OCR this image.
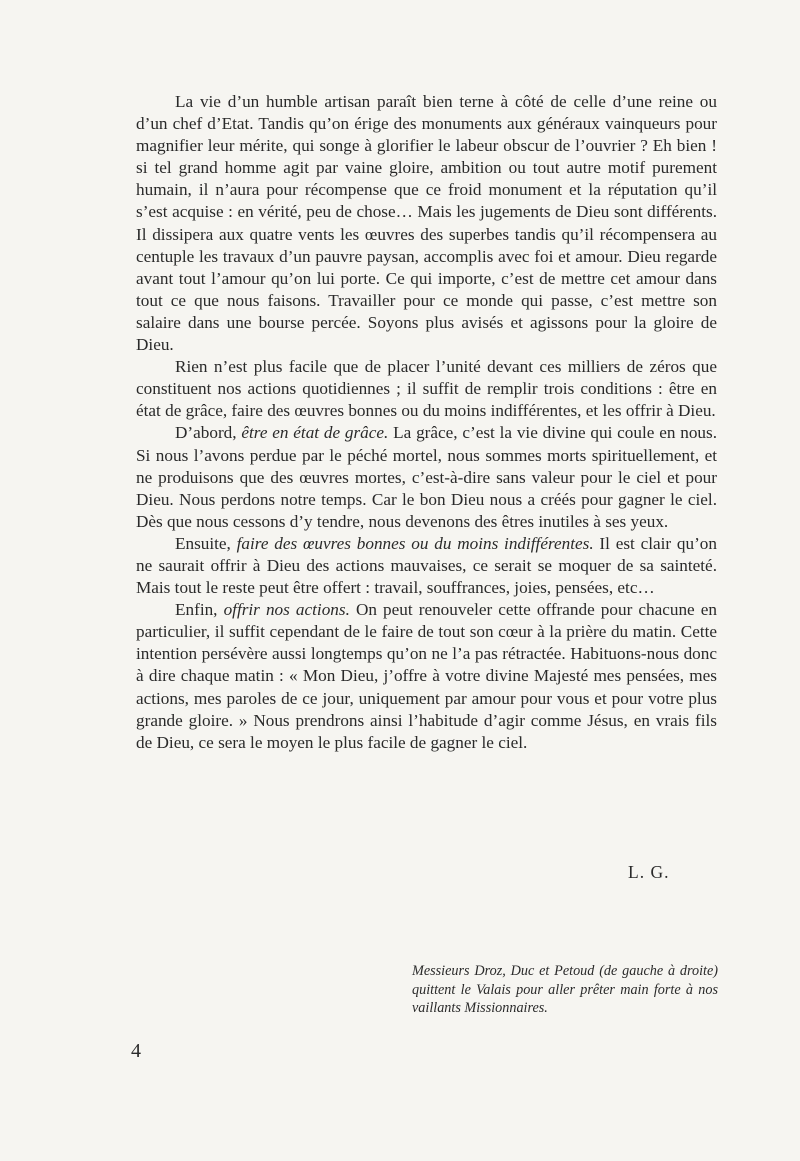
La vie d’un humble artisan paraît bien terne à côté de celle d’une reine ou d’un chef d’Etat. Tandis qu’on érige des monuments aux généraux vainqueurs pour magnifier leur mérite, qui songe à glorifier le labeur obscur de l’ouvrier ? Eh bien ! si tel grand homme agit par vaine gloire, ambition ou tout autre motif purement humain, il n’aura pour récompense que ce froid monument et la réputation qu’il s’est acquise : en vérité, peu de chose… Mais les jugements de Dieu sont différents. Il dissipera aux quatre vents les œuvres des superbes tandis qu’il récompensera au centuple les travaux d’un pauvre paysan, accomplis avec foi et amour. Dieu regarde avant tout l’amour qu’on lui porte. Ce qui importe, c’est de mettre cet amour dans tout ce que nous faisons. Travailler pour ce monde qui passe, c’est mettre son salaire dans une bourse percée. Soyons plus avisés et agissons pour la gloire de Dieu.

Rien n’est plus facile que de placer l’unité devant ces milliers de zéros que constituent nos actions quotidiennes ; il suffit de remplir trois conditions : être en état de grâce, faire des œuvres bonnes ou du moins indifférentes, et les offrir à Dieu.

D’abord, être en état de grâce. La grâce, c’est la vie divine qui coule en nous. Si nous l’avons perdue par le péché mortel, nous sommes morts spirituellement, et ne produisons que des œuvres mortes, c’est-à-dire sans valeur pour le ciel et pour Dieu. Nous perdons notre temps. Car le bon Dieu nous a créés pour gagner le ciel. Dès que nous cessons d’y tendre, nous devenons des êtres inutiles à ses yeux.

Ensuite, faire des œuvres bonnes ou du moins indifférentes. Il est clair qu’on ne saurait offrir à Dieu des actions mauvaises, ce serait se moquer de sa sainteté. Mais tout le reste peut être offert : travail, souffrances, joies, pensées, etc…

Enfin, offrir nos actions. On peut renouveler cette offrande pour chacune en particulier, il suffit cependant de le faire de tout son cœur à la prière du matin. Cette intention persévère aussi longtemps qu’on ne l’a pas rétractée. Habituons-nous donc à dire chaque matin : « Mon Dieu, j’offre à votre divine Majesté mes pensées, mes actions, mes paroles de ce jour, uniquement par amour pour vous et pour votre plus grande gloire. » Nous prendrons ainsi l’habitude d’agir comme Jésus, en vrais fils de Dieu, ce sera le moyen le plus facile de gagner le ciel.

L. G.
Messieurs Droz, Duc et Petoud (de gauche à droite) quittent le Valais pour aller prêter main forte à nos vaillants Missionnaires.
4
